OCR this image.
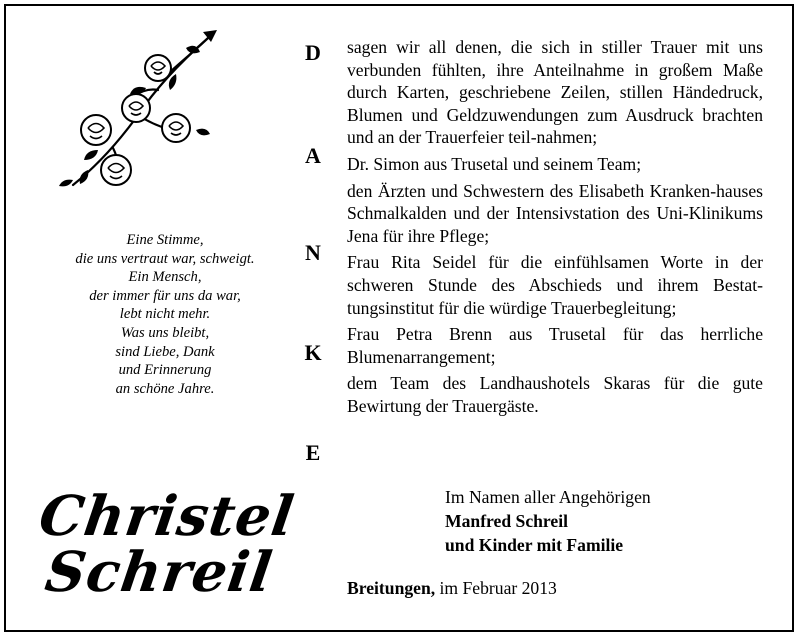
Eine Stimme,
die uns vertraut war, schweigt.
Ein Mensch,
der immer für uns da war,
lebt nicht mehr.
Was uns bleibt,
sind Liebe, Dank
und Erinnerung
an schöne Jahre.
Christel
Schreil
D
A
N
K
E

sagen wir all denen, die sich in stiller Trauer mit uns verbunden fühlten, ihre Anteilnahme in großem Maße durch Karten, geschriebene Zeilen, stillen Händedruck, Blumen und Geldzuwendungen zum Ausdruck brachten und an der Trauerfeier teil-nahmen;

Dr. Simon aus Trusetal und seinem Team;

den Ärzten und Schwestern des Elisabeth Kranken-hauses Schmalkalden und der Intensivstation des Uni-Klinikums Jena für ihre Pflege;

Frau Rita Seidel für die einfühlsamen Worte in der schweren Stunde des Abschieds und ihrem Bestat-tungsinstitut für die würdige Trauerbegleitung;

Frau Petra Brenn aus Trusetal für das herrliche Blumenarrangement;

dem Team des Landhaushotels Skaras für die gute Bewirtung der Trauergäste.

Im Namen aller Angehörigen
Manfred Schreil
und Kinder mit Familie
Breitungen, im Februar 2013
